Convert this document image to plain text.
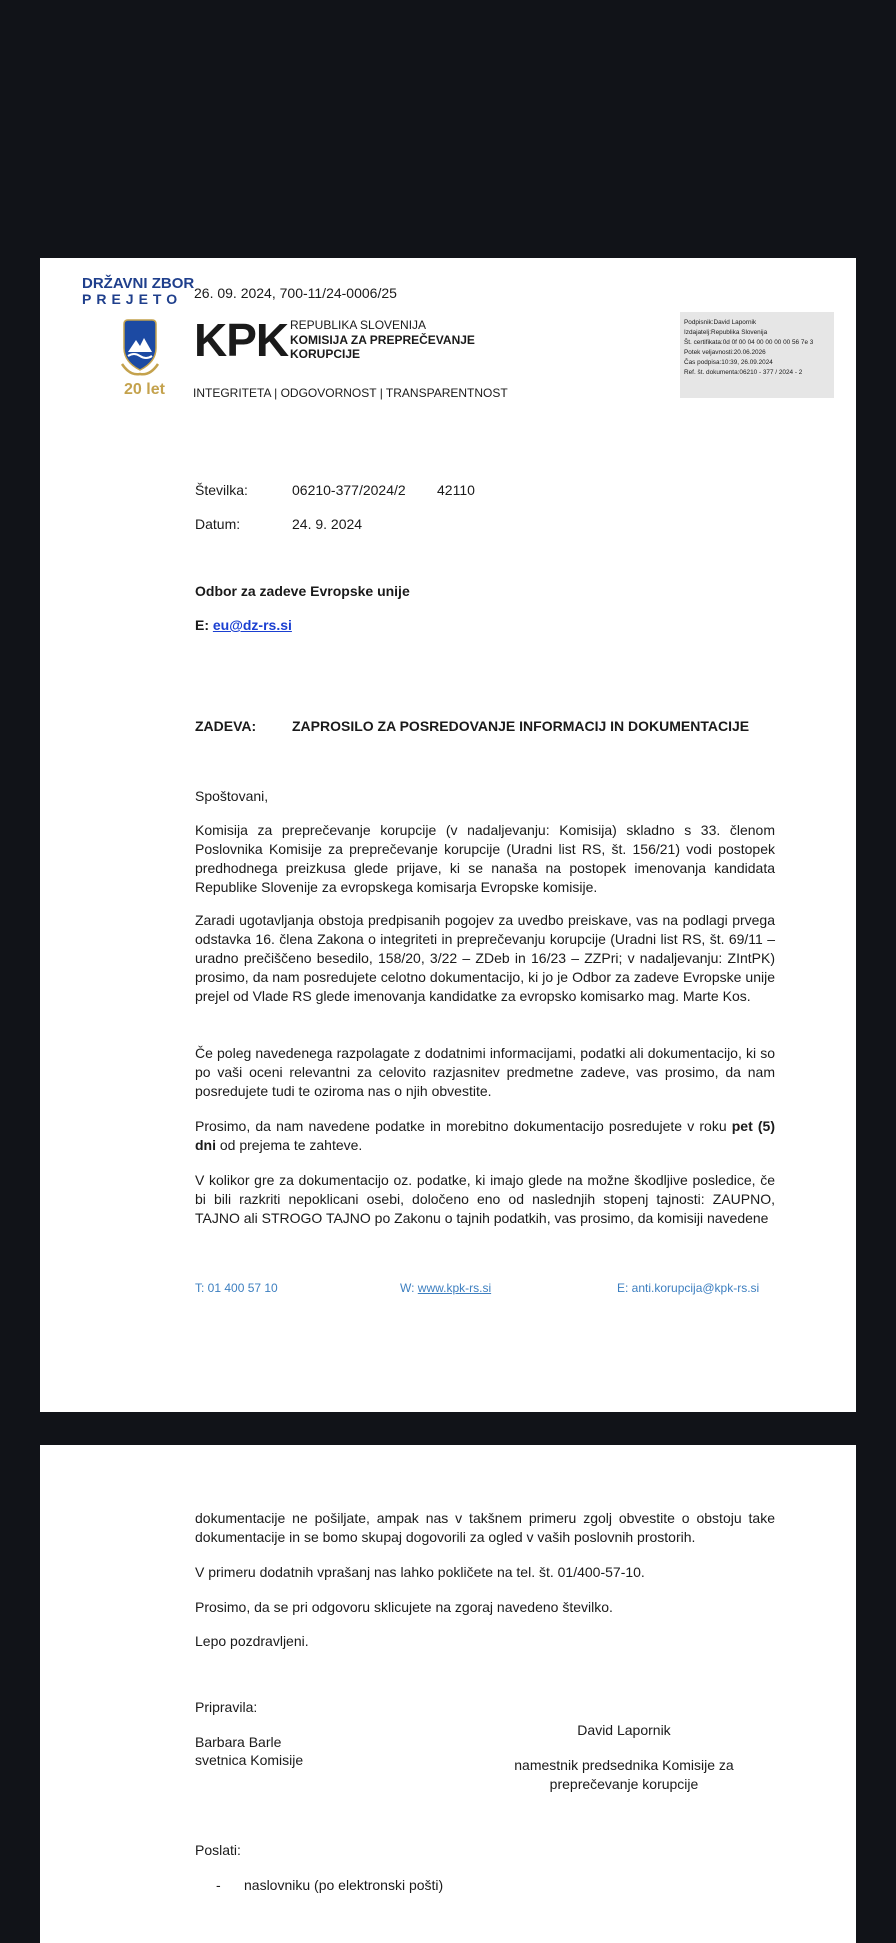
DRŽAVNI ZBOR
PREJETO 26. 09. 2024, 700-11/24-0006/25
20 let
KPK REPUBLIKA SLOVENIJA
KOMISIJA ZA PREPREČEVANJE KORUPCIJE
INTEGRITETA | ODGOVORNOST | TRANSPARENTNOST
Podpisnik:David Lapornik
Izdajatelj:Republika Slovenija
Št. certifikata:0d 0f 00 04 00 00 00 00 56 7e 3
Potek veljavnosti:20.06.2026
Čas podpisa:10:39, 26.09.2024
Ref. št. dokumenta:06210 - 377 / 2024 - 2
Številka:	06210-377/2024/2 42110
Datum:	24. 9. 2024
Odbor za zadeve Evropske unije
E: eu@dz-rs.si
ZADEVA:	ZAPROSILO ZA POSREDOVANJE INFORMACIJ IN DOKUMENTACIJE
Spoštovani,
Komisija za preprečevanje korupcije (v nadaljevanju: Komisija) skladno s 33. členom Poslovnika Komisije za preprečevanje korupcije (Uradni list RS, št. 156/21) vodi postopek predhodnega preizkusa glede prijave, ki se nanaša na postopek imenovanja kandidata Republike Slovenije za evropskega komisarja Evropske komisije.
Zaradi ugotavljanja obstoja predpisanih pogojev za uvedbo preiskave, vas na podlagi prvega odstavka 16. člena Zakona o integriteti in preprečevanju korupcije (Uradni list RS, št. 69/11 – uradno prečiščeno besedilo, 158/20, 3/22 – ZDeb in 16/23 – ZZPri; v nadaljevanju: ZIntPK) prosimo, da nam posredujete celotno dokumentacijo, ki jo je Odbor za zadeve Evropske unije prejel od Vlade RS glede imenovanja kandidatke za evropsko komisarko mag. Marte Kos.
Če poleg navedenega razpolagate z dodatnimi informacijami, podatki ali dokumentacijo, ki so po vaši oceni relevantni za celovito razjasnitev predmetne zadeve, vas prosimo, da nam posredujete tudi te oziroma nas o njih obvestite.
Prosimo, da nam navedene podatke in morebitno dokumentacijo posredujete v roku pet (5) dni od prejema te zahteve.
V kolikor gre za dokumentacijo oz. podatke, ki imajo glede na možne škodljive posledice, če bi bili razkriti nepoklicani osebi, določeno eno od naslednjih stopenj tajnosti: ZAUPNO, TAJNO ali STROGO TAJNO po Zakonu o tajnih podatkih, vas prosimo, da komisiji navedene
T: 01 400 57 10	W: www.kpk-rs.si	E: anti.korupcija@kpk-rs.si
dokumentacije ne pošiljate, ampak nas v takšnem primeru zgolj obvestite o obstoju take dokumentacije in se bomo skupaj dogovorili za ogled v vaših poslovnih prostorih.
V primeru dodatnih vprašanj nas lahko pokličete na tel. št. 01/400-57-10.
Prosimo, da se pri odgovoru sklicujete na zgoraj navedeno številko.
Lepo pozdravljeni.
Pripravila:
Barbara Barle
svetnica Komisije
David Lapornik
namestnik predsednika Komisije za
preprečevanje korupcije
Poslati:
- naslovniku (po elektronski pošti)
